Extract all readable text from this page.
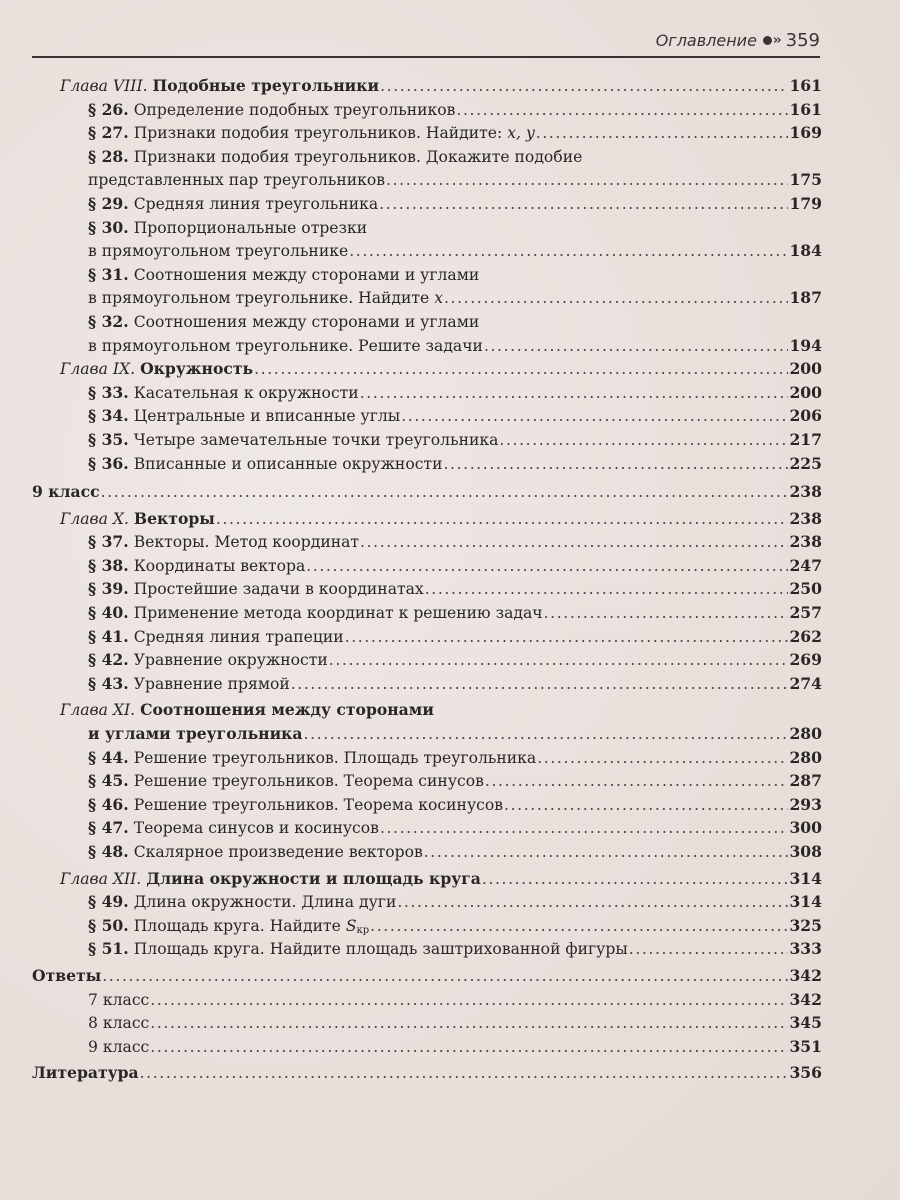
Оглавление ›› 359
Глава VIII. Подобные треугольники .....	161
§ 26. Определение подобных треугольников .....	161
§ 27. Признаки подобия треугольников. Найдите: x, y .....	169
§ 28. Признаки подобия треугольников. Докажите подобие
представленных пар треугольников .....	175
§ 29. Средняя линия треугольника .....	179
§ 30. Пропорциональные отрезки
в прямоугольном треугольнике .....	184
§ 31. Соотношения между сторонами и углами
в прямоугольном треугольнике. Найдите x .....	187
§ 32. Соотношения между сторонами и углами
в прямоугольном треугольнике. Решите задачи .....	194
Глава IX. Окружность .....	200
§ 33. Касательная к окружности .....	200
§ 34. Центральные и вписанные углы .....	206
§ 35. Четыре замечательные точки треугольника .....	217
§ 36. Вписанные и описанные окружности .....	225
9 класс .....	238
Глава X. Векторы .....	238
§ 37. Векторы. Метод координат .....	238
§ 38. Координаты вектора .....	247
§ 39. Простейшие задачи в координатах .....	250
§ 40. Применение метода координат к решению задач .....	257
§ 41. Средняя линия трапеции .....	262
§ 42. Уравнение окружности .....	269
§ 43. Уравнение прямой .....	274
Глава XI. Соотношения между сторонами
и углами треугольника .....	280
§ 44. Решение треугольников. Площадь треугольника .....	280
§ 45. Решение треугольников. Теорема синусов .....	287
§ 46. Решение треугольников. Теорема косинусов .....	293
§ 47. Теорема синусов и косинусов .....	300
§ 48. Скалярное произведение векторов .....	308
Глава XII. Длина окружности и площадь круга .....	314
§ 49. Длина окружности. Длина дуги .....	314
§ 50. Площадь круга. Найдите $S_{кр}$ .....	325
§ 51. Площадь круга. Найдите площадь заштрихованной фигуры .....	333
Ответы .....	342
7 класс .....	342
8 класс .....	345
9 класс .....	351
Литература .....	356
